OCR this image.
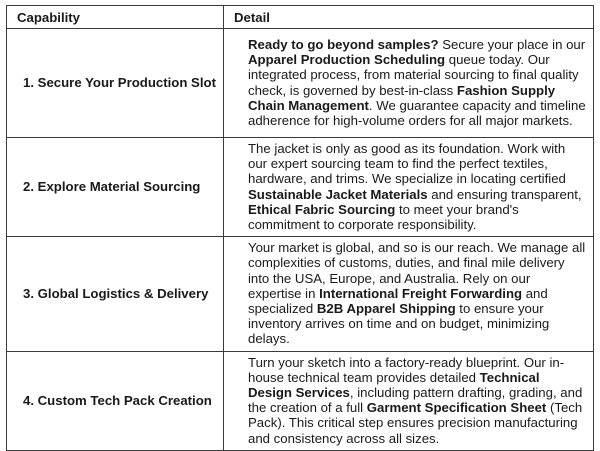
Capability	Detail
1. Secure Your Production Slot	Ready to go beyond samples? Secure your place in our Apparel Production Scheduling queue today. Our integrated process, from material sourcing to final quality check, is governed by best-in-class Fashion Supply Chain Management. We guarantee capacity and timeline adherence for high-volume orders for all major markets.
2. Explore Material Sourcing	The jacket is only as good as its foundation. Work with our expert sourcing team to find the perfect textiles, hardware, and trims. We specialize in locating certified Sustainable Jacket Materials and ensuring transparent, Ethical Fabric Sourcing to meet your brand's commitment to corporate responsibility.
3. Global Logistics & Delivery	Your market is global, and so is our reach. We manage all complexities of customs, duties, and final mile delivery into the USA, Europe, and Australia. Rely on our expertise in International Freight Forwarding and specialized B2B Apparel Shipping to ensure your inventory arrives on time and on budget, minimizing delays.
4. Custom Tech Pack Creation	Turn your sketch into a factory-ready blueprint. Our in-house technical team provides detailed Technical Design Services, including pattern drafting, grading, and the creation of a full Garment Specification Sheet (Tech Pack). This critical step ensures precision manufacturing and consistency across all sizes.
